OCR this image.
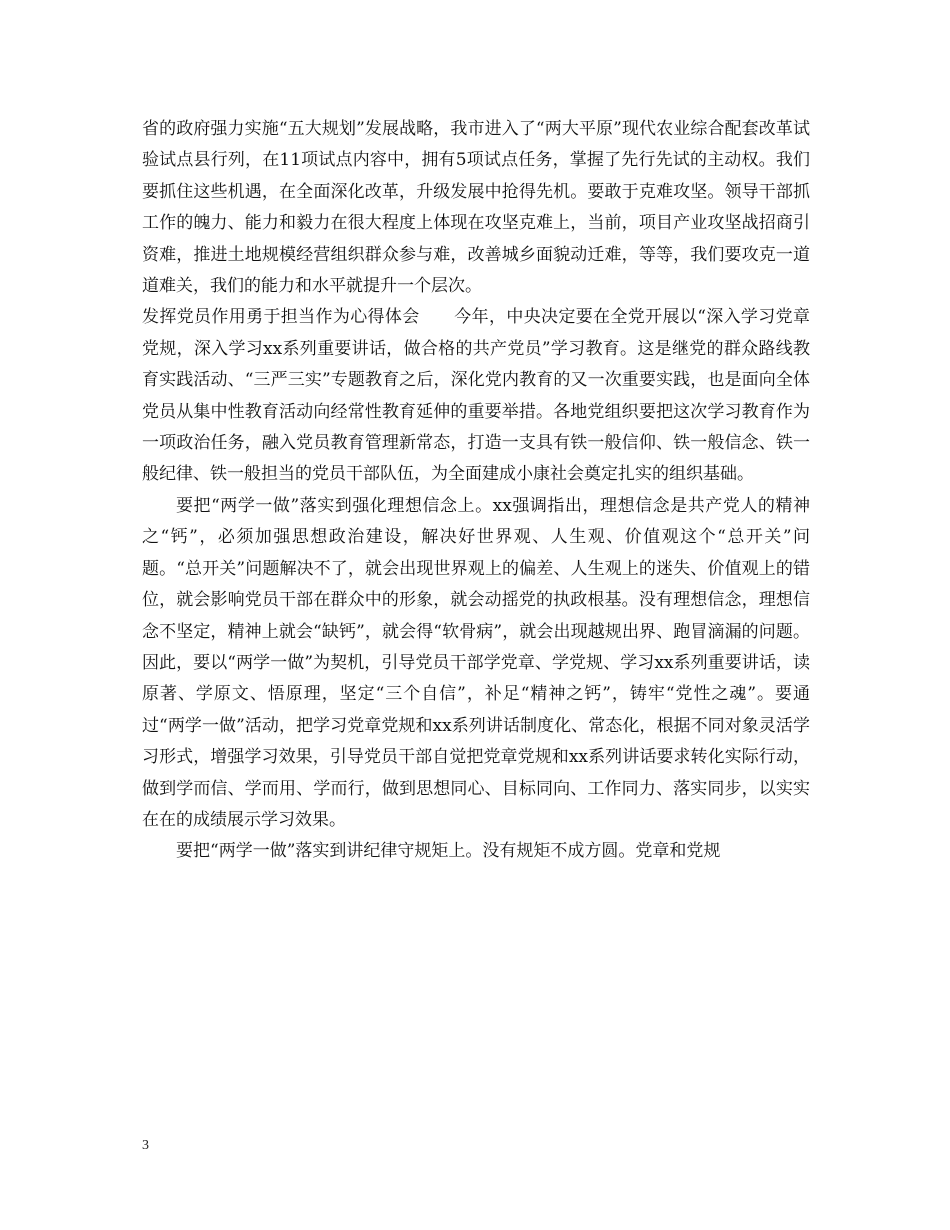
省的政府强力实施“五大规划”发展战略，我市进入了“两大平原”现代农业综合配套改革试验试点县行列，在11项试点内容中，拥有5项试点任务，掌握了先行先试的主动权。我们要抓住这些机遇，在全面深化改革，升级发展中抢得先机。要敢于克难攻坚。领导干部抓工作的魄力、能力和毅力在很大程度上体现在攻坚克难上，当前，项目产业攻坚战招商引资难，推进土地规模经营组织群众参与难，改善城乡面貌动迁难，等等，我们要攻克一道道难关，我们的能力和水平就提升一个层次。

发挥党员作用勇于担当作为心得体会　　今年，中央决定要在全党开展以“深入学习党章党规，深入学习xx系列重要讲话，做合格的共产党员”学习教育。这是继党的群众路线教育实践活动、“三严三实”专题教育之后，深化党内教育的又一次重要实践，也是面向全体党员从集中性教育活动向经常性教育延伸的重要举措。各地党组织要把这次学习教育作为一项政治任务，融入党员教育管理新常态，打造一支具有铁一般信仰、铁一般信念、铁一般纪律、铁一般担当的党员干部队伍，为全面建成小康社会奠定扎实的组织基础。

要把“两学一做”落实到强化理想信念上。xx强调指出，理想信念是共产党人的精神之“钙”，必须加强思想政治建设，解决好世界观、人生观、价值观这个“总开关”问题。“总开关”问题解决不了，就会出现世界观上的偏差、人生观上的迷失、价值观上的错位，就会影响党员干部在群众中的形象，就会动摇党的执政根基。没有理想信念，理想信念不坚定，精神上就会“缺钙”，就会得“软骨病”，就会出现越规出界、跑冒滴漏的问题。因此，要以“两学一做”为契机，引导党员干部学党章、学党规、学习xx系列重要讲话，读原著、学原文、悟原理，坚定“三个自信”，补足“精神之钙”，铸牢“党性之魂”。要通过“两学一做”活动，把学习党章党规和xx系列讲话制度化、常态化，根据不同对象灵活学习形式，增强学习效果，引导党员干部自觉把党章党规和xx系列讲话要求转化实际行动，做到学而信、学而用、学而行，做到思想同心、目标同向、工作同力、落实同步，以实实在在的成绩展示学习效果。

要把“两学一做”落实到讲纪律守规矩上。没有规矩不成方圆。党章和党规

3
